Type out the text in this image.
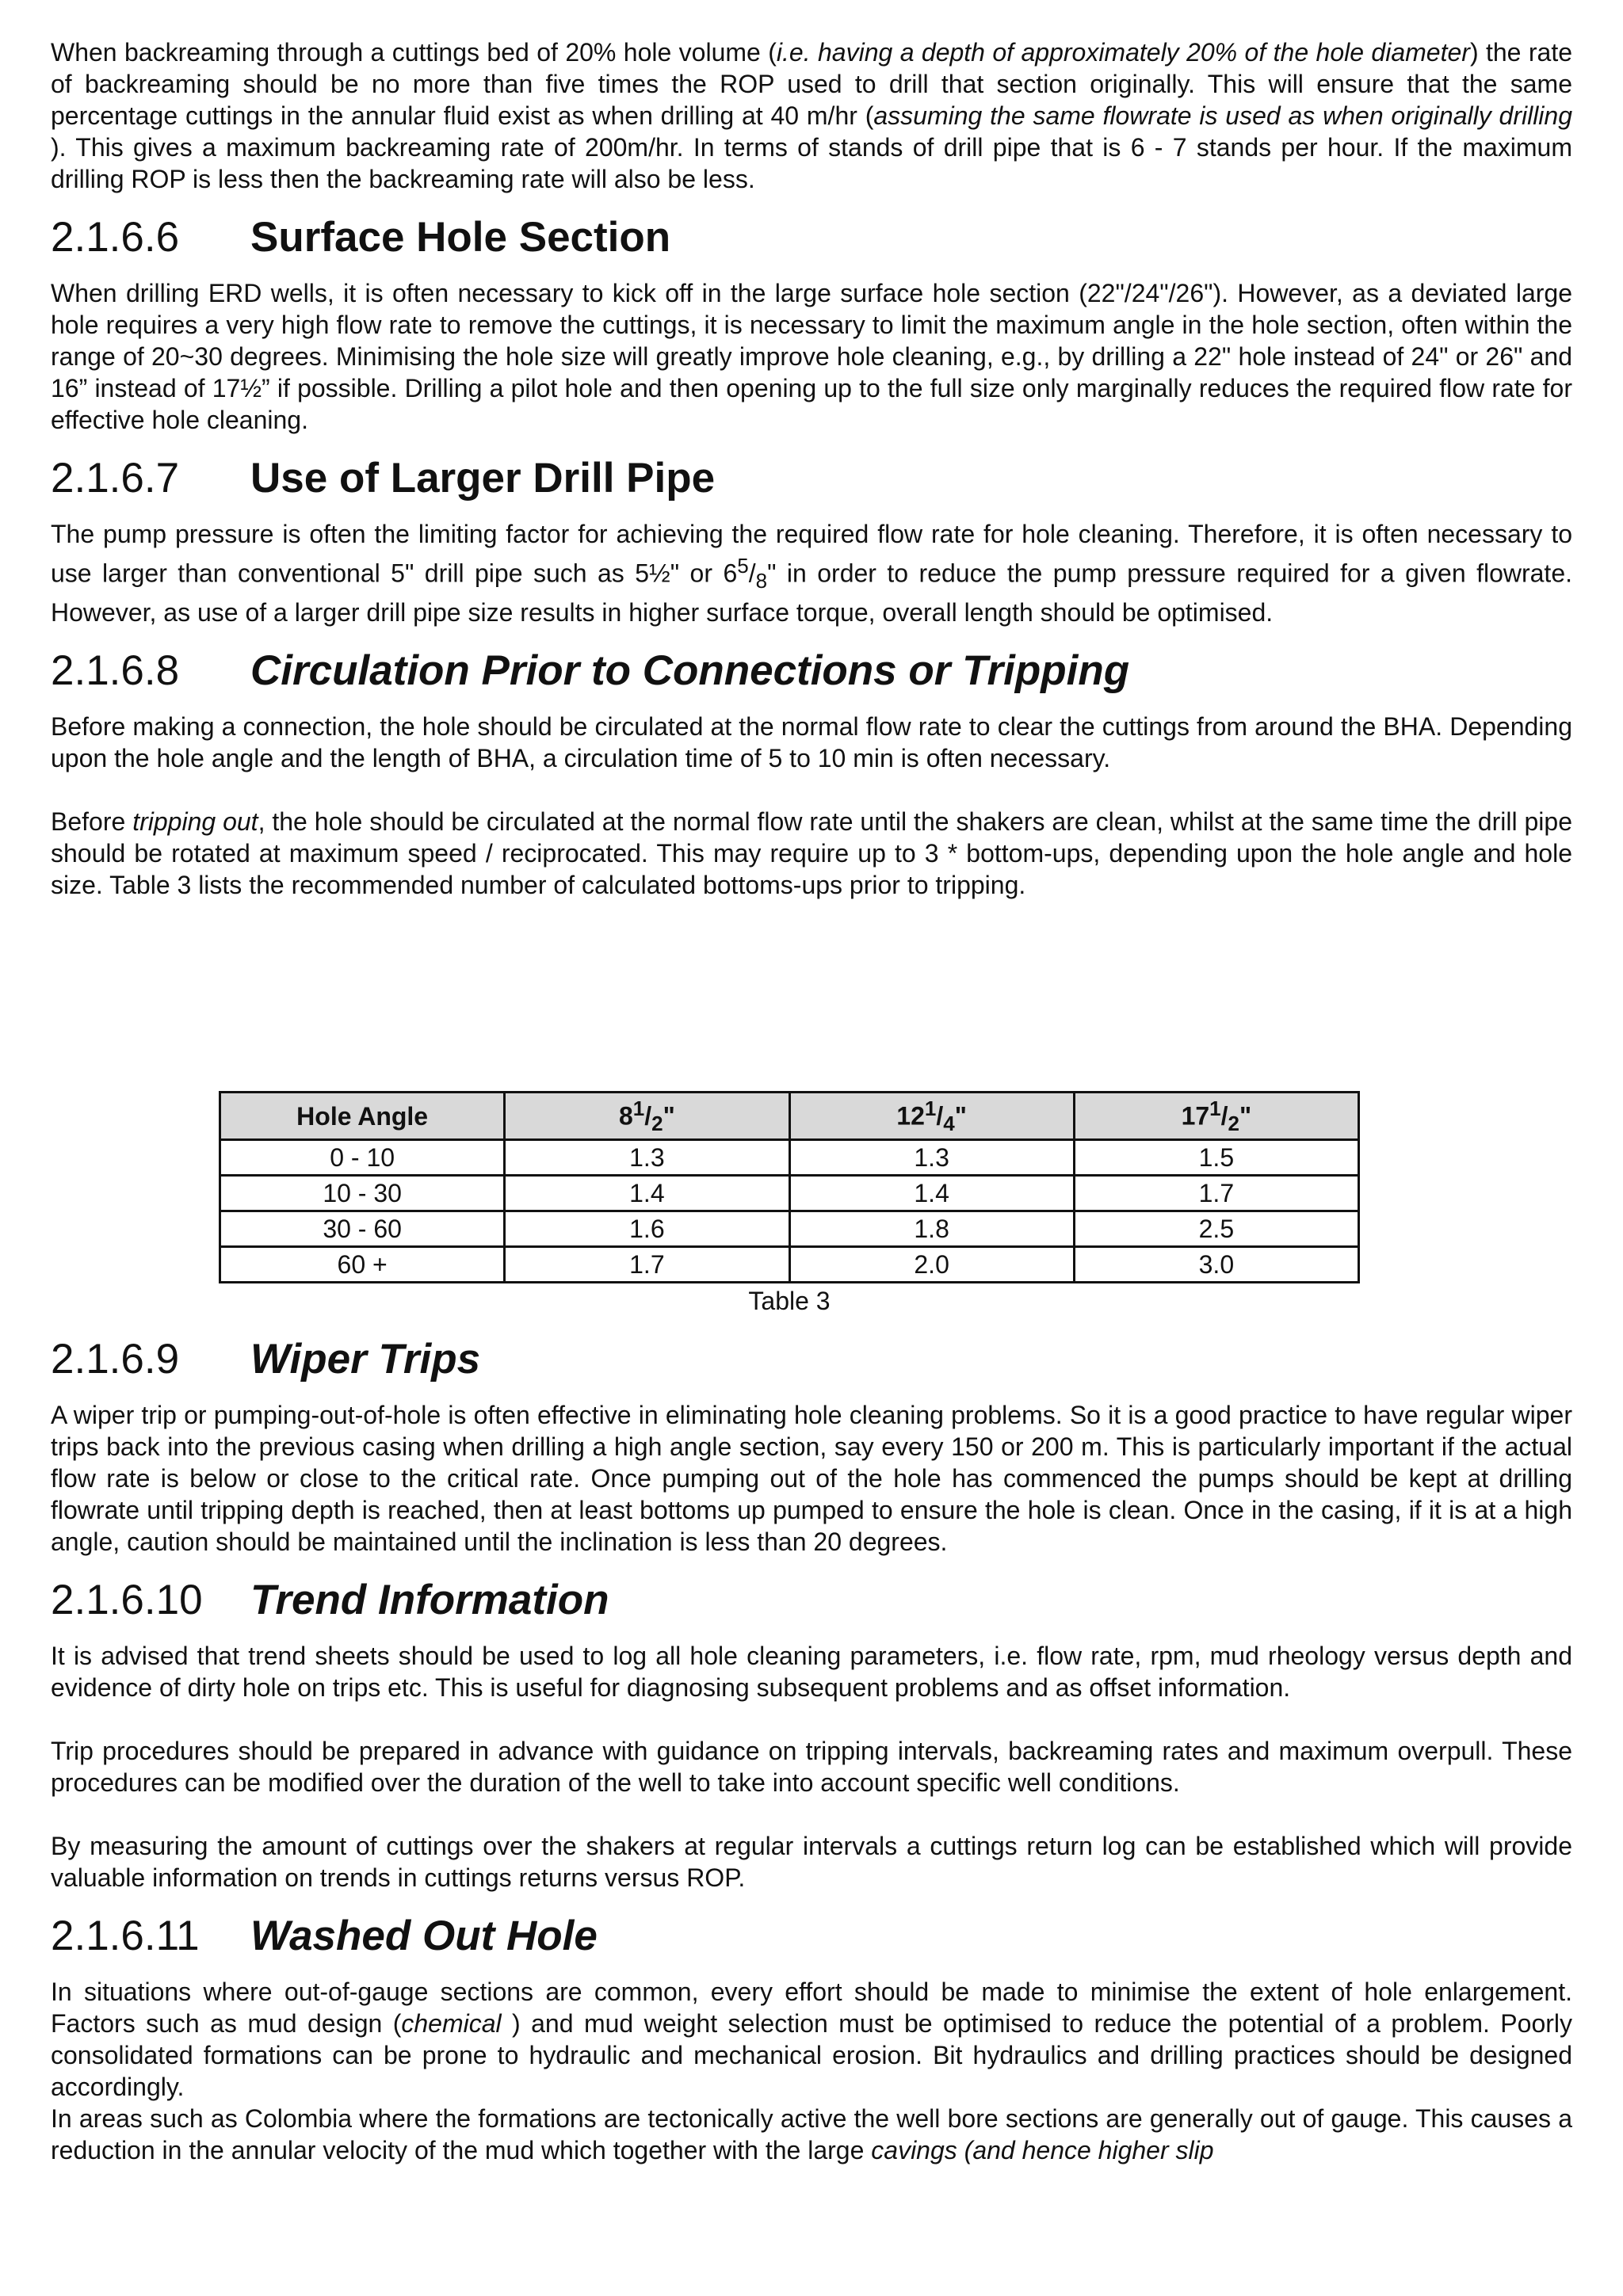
When backreaming through a cuttings bed of 20% hole volume (i.e. having a depth of approximately 20% of the hole diameter) the rate of backreaming should be no more than five times the ROP used to drill that section originally. This will ensure that the same percentage cuttings in the annular fluid exist as when drilling at 40 m/hr (assuming the same flowrate is used as when originally drilling ). This gives a maximum backreaming rate of 200m/hr. In terms of stands of drill pipe that is 6 - 7 stands per hour. If the maximum drilling ROP is less then the backreaming rate will also be less.

2.1.6.6	Surface Hole Section

When drilling ERD wells, it is often necessary to kick off in the large surface hole section (22"/24"/26"). However, as a deviated large hole requires a very high flow rate to remove the cuttings, it is necessary to limit the maximum angle in the hole section, often within the range of 20~30 degrees. Minimising the hole size will greatly improve hole cleaning, e.g., by drilling a 22" hole instead of 24" or 26" and 16” instead of 17½” if possible. Drilling a pilot hole and then opening up to the full size only marginally reduces the required flow rate for effective hole cleaning.

2.1.6.7	Use of Larger Drill Pipe

The pump pressure is often the limiting factor for achieving the required flow rate for hole cleaning. Therefore, it is often necessary to use larger than conventional 5" drill pipe such as 5½" or $6^5/_8$" in order to reduce the pump pressure required for a given flowrate. However, as use of a larger drill pipe size results in higher surface torque, overall length should be optimised.

2.1.6.8	Circulation Prior to Connections or Tripping

Before making a connection, the hole should be circulated at the normal flow rate to clear the cuttings from around the BHA. Depending upon the hole angle and the length of BHA, a circulation time of 5 to 10 min is often necessary.

Before tripping out, the hole should be circulated at the normal flow rate until the shakers are clean, whilst at the same time the drill pipe should be rotated at maximum speed / reciprocated. This may require up to 3 * bottom-ups, depending upon the hole angle and hole size. Table 3 lists the recommended number of calculated bottoms-ups prior to tripping.

Hole Angle	$8^1/_2$"	$12^1/_4$"	$17^1/_2$"
0 - 10	1.3	1.3	1.5
10 - 30	1.4	1.4	1.7
30 - 60	1.6	1.8	2.5
60 +	1.7	2.0	3.0
Table 3
2.1.6.9	Wiper Trips

A wiper trip or pumping-out-of-hole is often effective in eliminating hole cleaning problems. So it is a good practice to have regular wiper trips back into the previous casing when drilling a high angle section, say every 150 or 200 m. This is particularly important if the actual flow rate is below or close to the critical rate. Once pumping out of the hole has commenced the pumps should be kept at drilling flowrate until tripping depth is reached, then at least bottoms up pumped to ensure the hole is clean. Once in the casing, if it is at a high angle, caution should be maintained until the inclination is less than 20 degrees.

2.1.6.10	Trend Information

It is advised that trend sheets should be used to log all hole cleaning parameters, i.e. flow rate, rpm, mud rheology versus depth and evidence of dirty hole on trips etc. This is useful for diagnosing subsequent problems and as offset information.

Trip procedures should be prepared in advance with guidance on tripping intervals, backreaming rates and maximum overpull. These procedures can be modified over the duration of the well to take into account specific well conditions.

By measuring the amount of cuttings over the shakers at regular intervals a cuttings return log can be established which will provide valuable information on trends in cuttings returns versus ROP.

2.1.6.11	Washed Out Hole

In situations where out-of-gauge sections are common, every effort should be made to minimise the extent of hole enlargement. Factors such as mud design (chemical ) and mud weight selection must be optimised to reduce the potential of a problem. Poorly consolidated formations can be prone to hydraulic and mechanical erosion. Bit hydraulics and drilling practices should be designed accordingly.

In areas such as Colombia where the formations are tectonically active the well bore sections are generally out of gauge. This causes a reduction in the annular velocity of the mud which together with the large cavings (and hence higher slip
